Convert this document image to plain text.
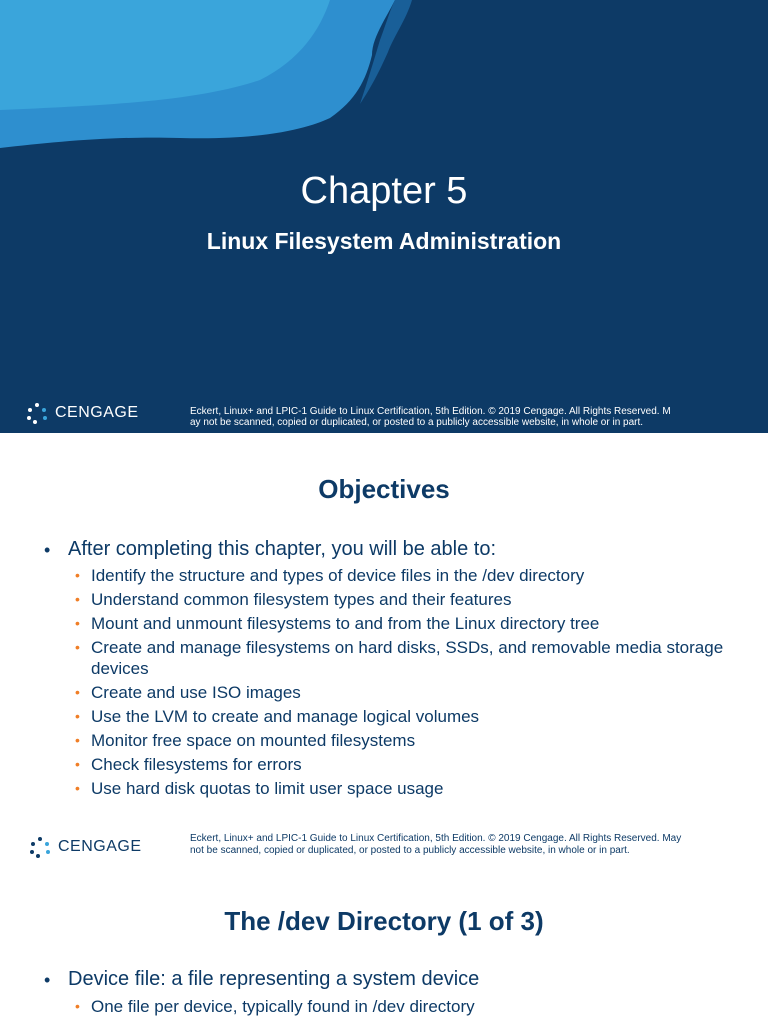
Chapter 5
Linux Filesystem Administration
CENGAGE	Eckert, Linux+ and LPIC-1 Guide to Linux Certification, 5th Edition. © 2019 Cengage. All Rights Reserved. M
ay not be scanned, copied or duplicated, or posted to a publicly accessible website, in whole or in part.
Objectives
• After completing this chapter, you will be able to:
• Identify the structure and types of device files in the /dev directory
• Understand common filesystem types and their features
• Mount and unmount filesystems to and from the Linux directory tree
• Create and manage filesystems on hard disks, SSDs, and removable media storage devices
• Create and use ISO images
• Use the LVM to create and manage logical volumes
• Monitor free space on mounted filesystems
• Check filesystems for errors
• Use hard disk quotas to limit user space usage
CENGAGE	Eckert, Linux+ and LPIC-1 Guide to Linux Certification, 5th Edition. © 2019 Cengage. All Rights Reserved. May
not be scanned, copied or duplicated, or posted to a publicly accessible website, in whole or in part.
The /dev Directory (1 of 3)
• Device file: a file representing a system device
• One file per device, typically found in /dev directory
